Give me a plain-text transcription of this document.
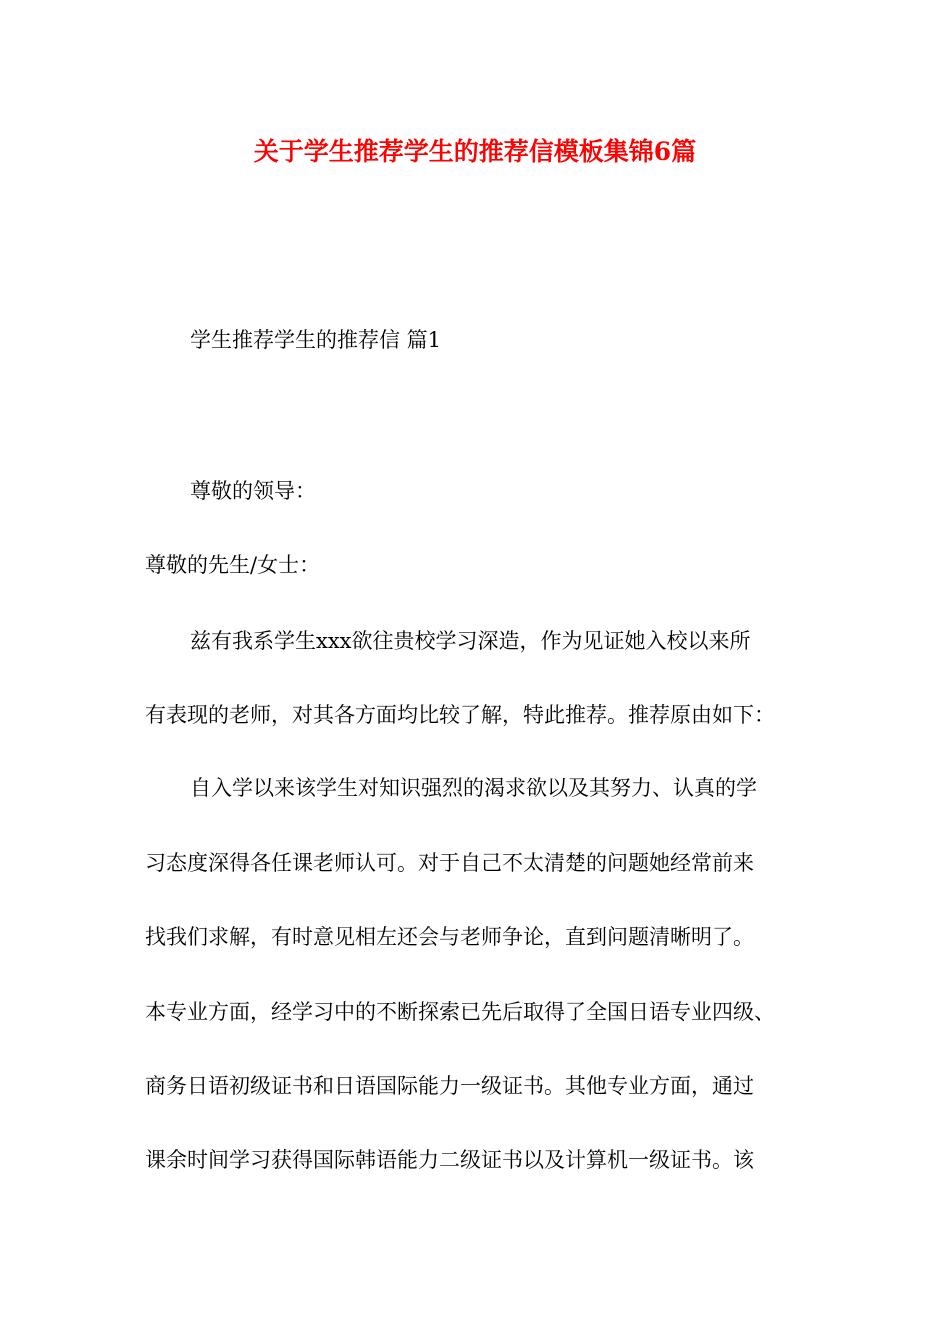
关于学生推荐学生的推荐信模板集锦6篇
学生推荐学生的推荐信 篇1
尊敬的领导：
尊敬的先生/女士：
兹有我系学生xxx欲往贵校学习深造，作为见证她入校以来所
有表现的老师，对其各方面均比较了解，特此推荐。推荐原由如下：
自入学以来该学生对知识强烈的渴求欲以及其努力、认真的学
习态度深得各任课老师认可。对于自己不太清楚的问题她经常前来
找我们求解，有时意见相左还会与老师争论，直到问题清晰明了。
本专业方面，经学习中的不断探索已先后取得了全国日语专业四级、
商务日语初级证书和日语国际能力一级证书。其他专业方面，通过
课余时间学习获得国际韩语能力二级证书以及计算机一级证书。该
